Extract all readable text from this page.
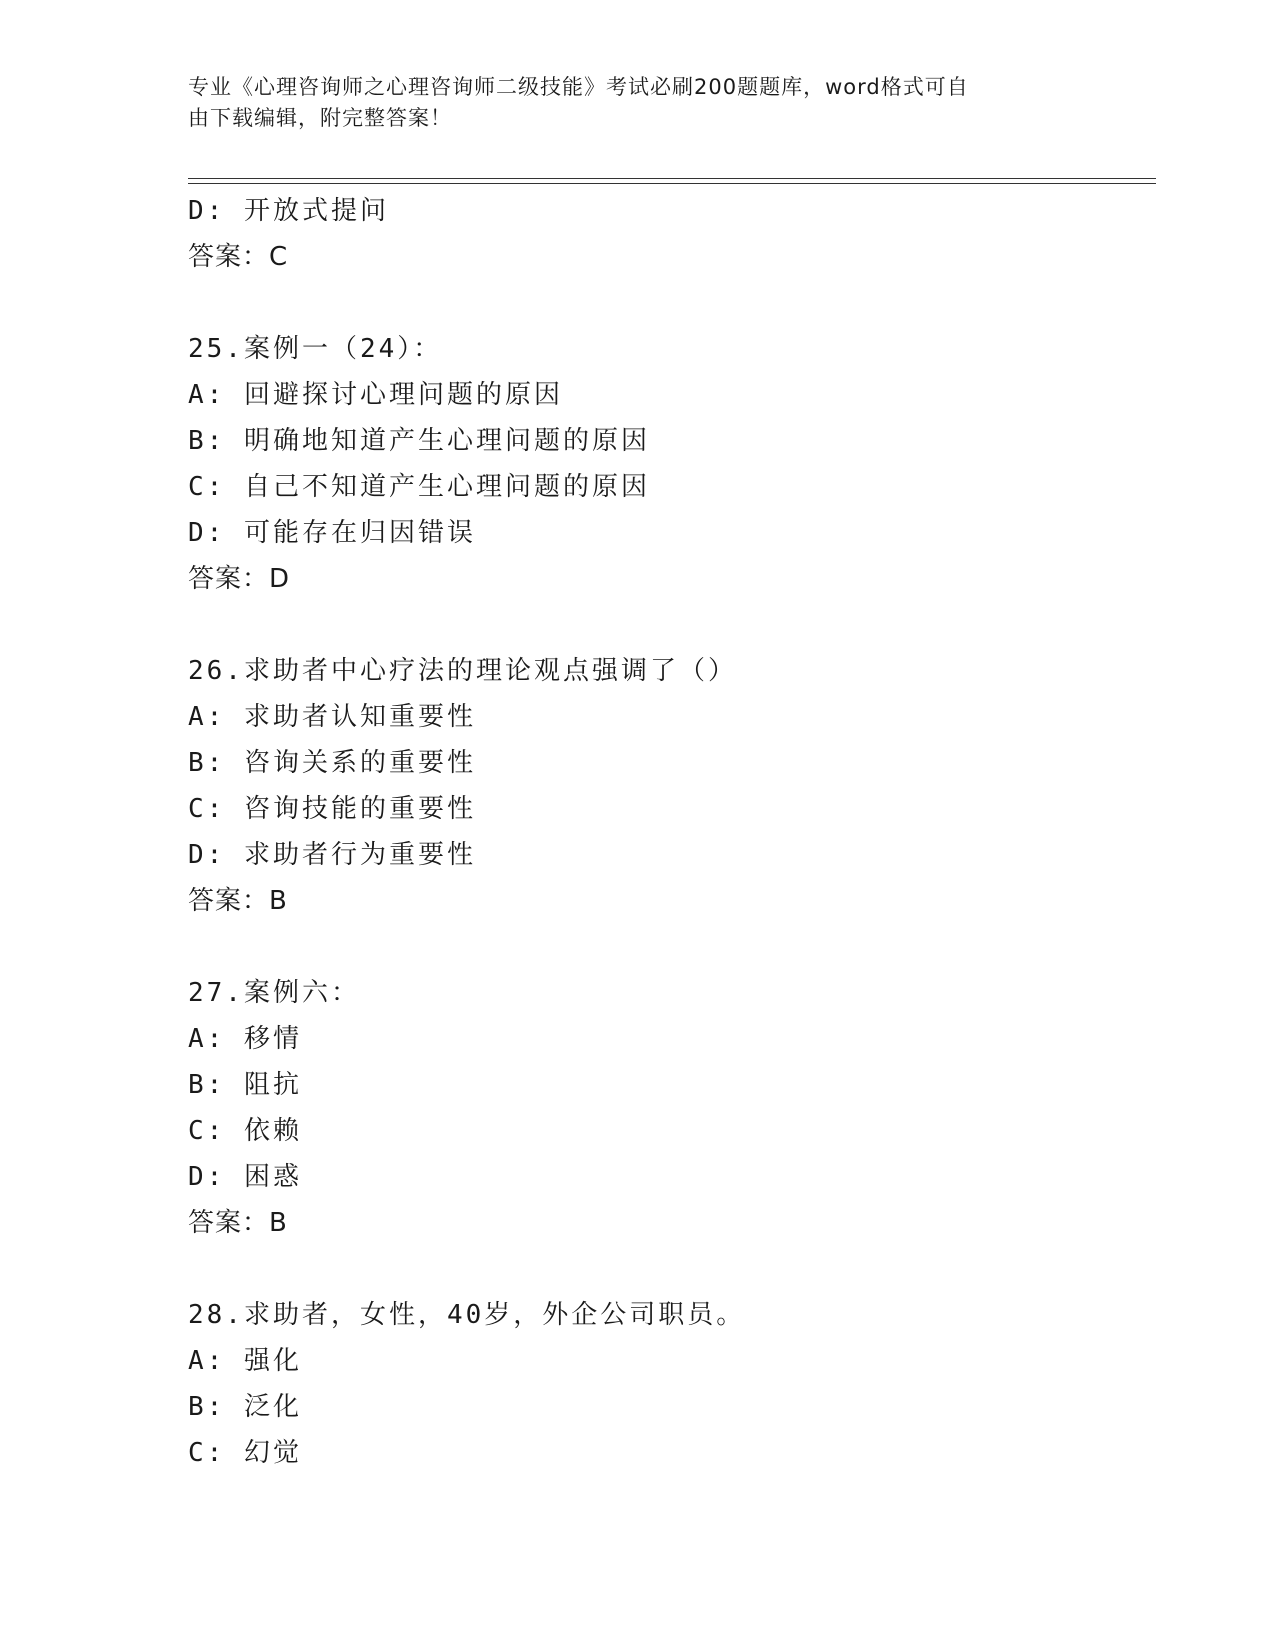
专业《心理咨询师之心理咨询师二级技能》考试必刷200题题库，word格式可自
由下载编辑，附完整答案！
D: 开放式提问
答案：C
25.案例一（24）：
A: 回避探讨心理问题的原因
B: 明确地知道产生心理问题的原因
C: 自己不知道产生心理问题的原因
D: 可能存在归因错误
答案：D
26.求助者中心疗法的理论观点强调了（）
A: 求助者认知重要性
B: 咨询关系的重要性
C: 咨询技能的重要性
D: 求助者行为重要性
答案：B
27.案例六：
A: 移情
B: 阻抗
C: 依赖
D: 困惑
答案：B
28.求助者，女性，40岁，外企公司职员。
A: 强化
B: 泛化
C: 幻觉
